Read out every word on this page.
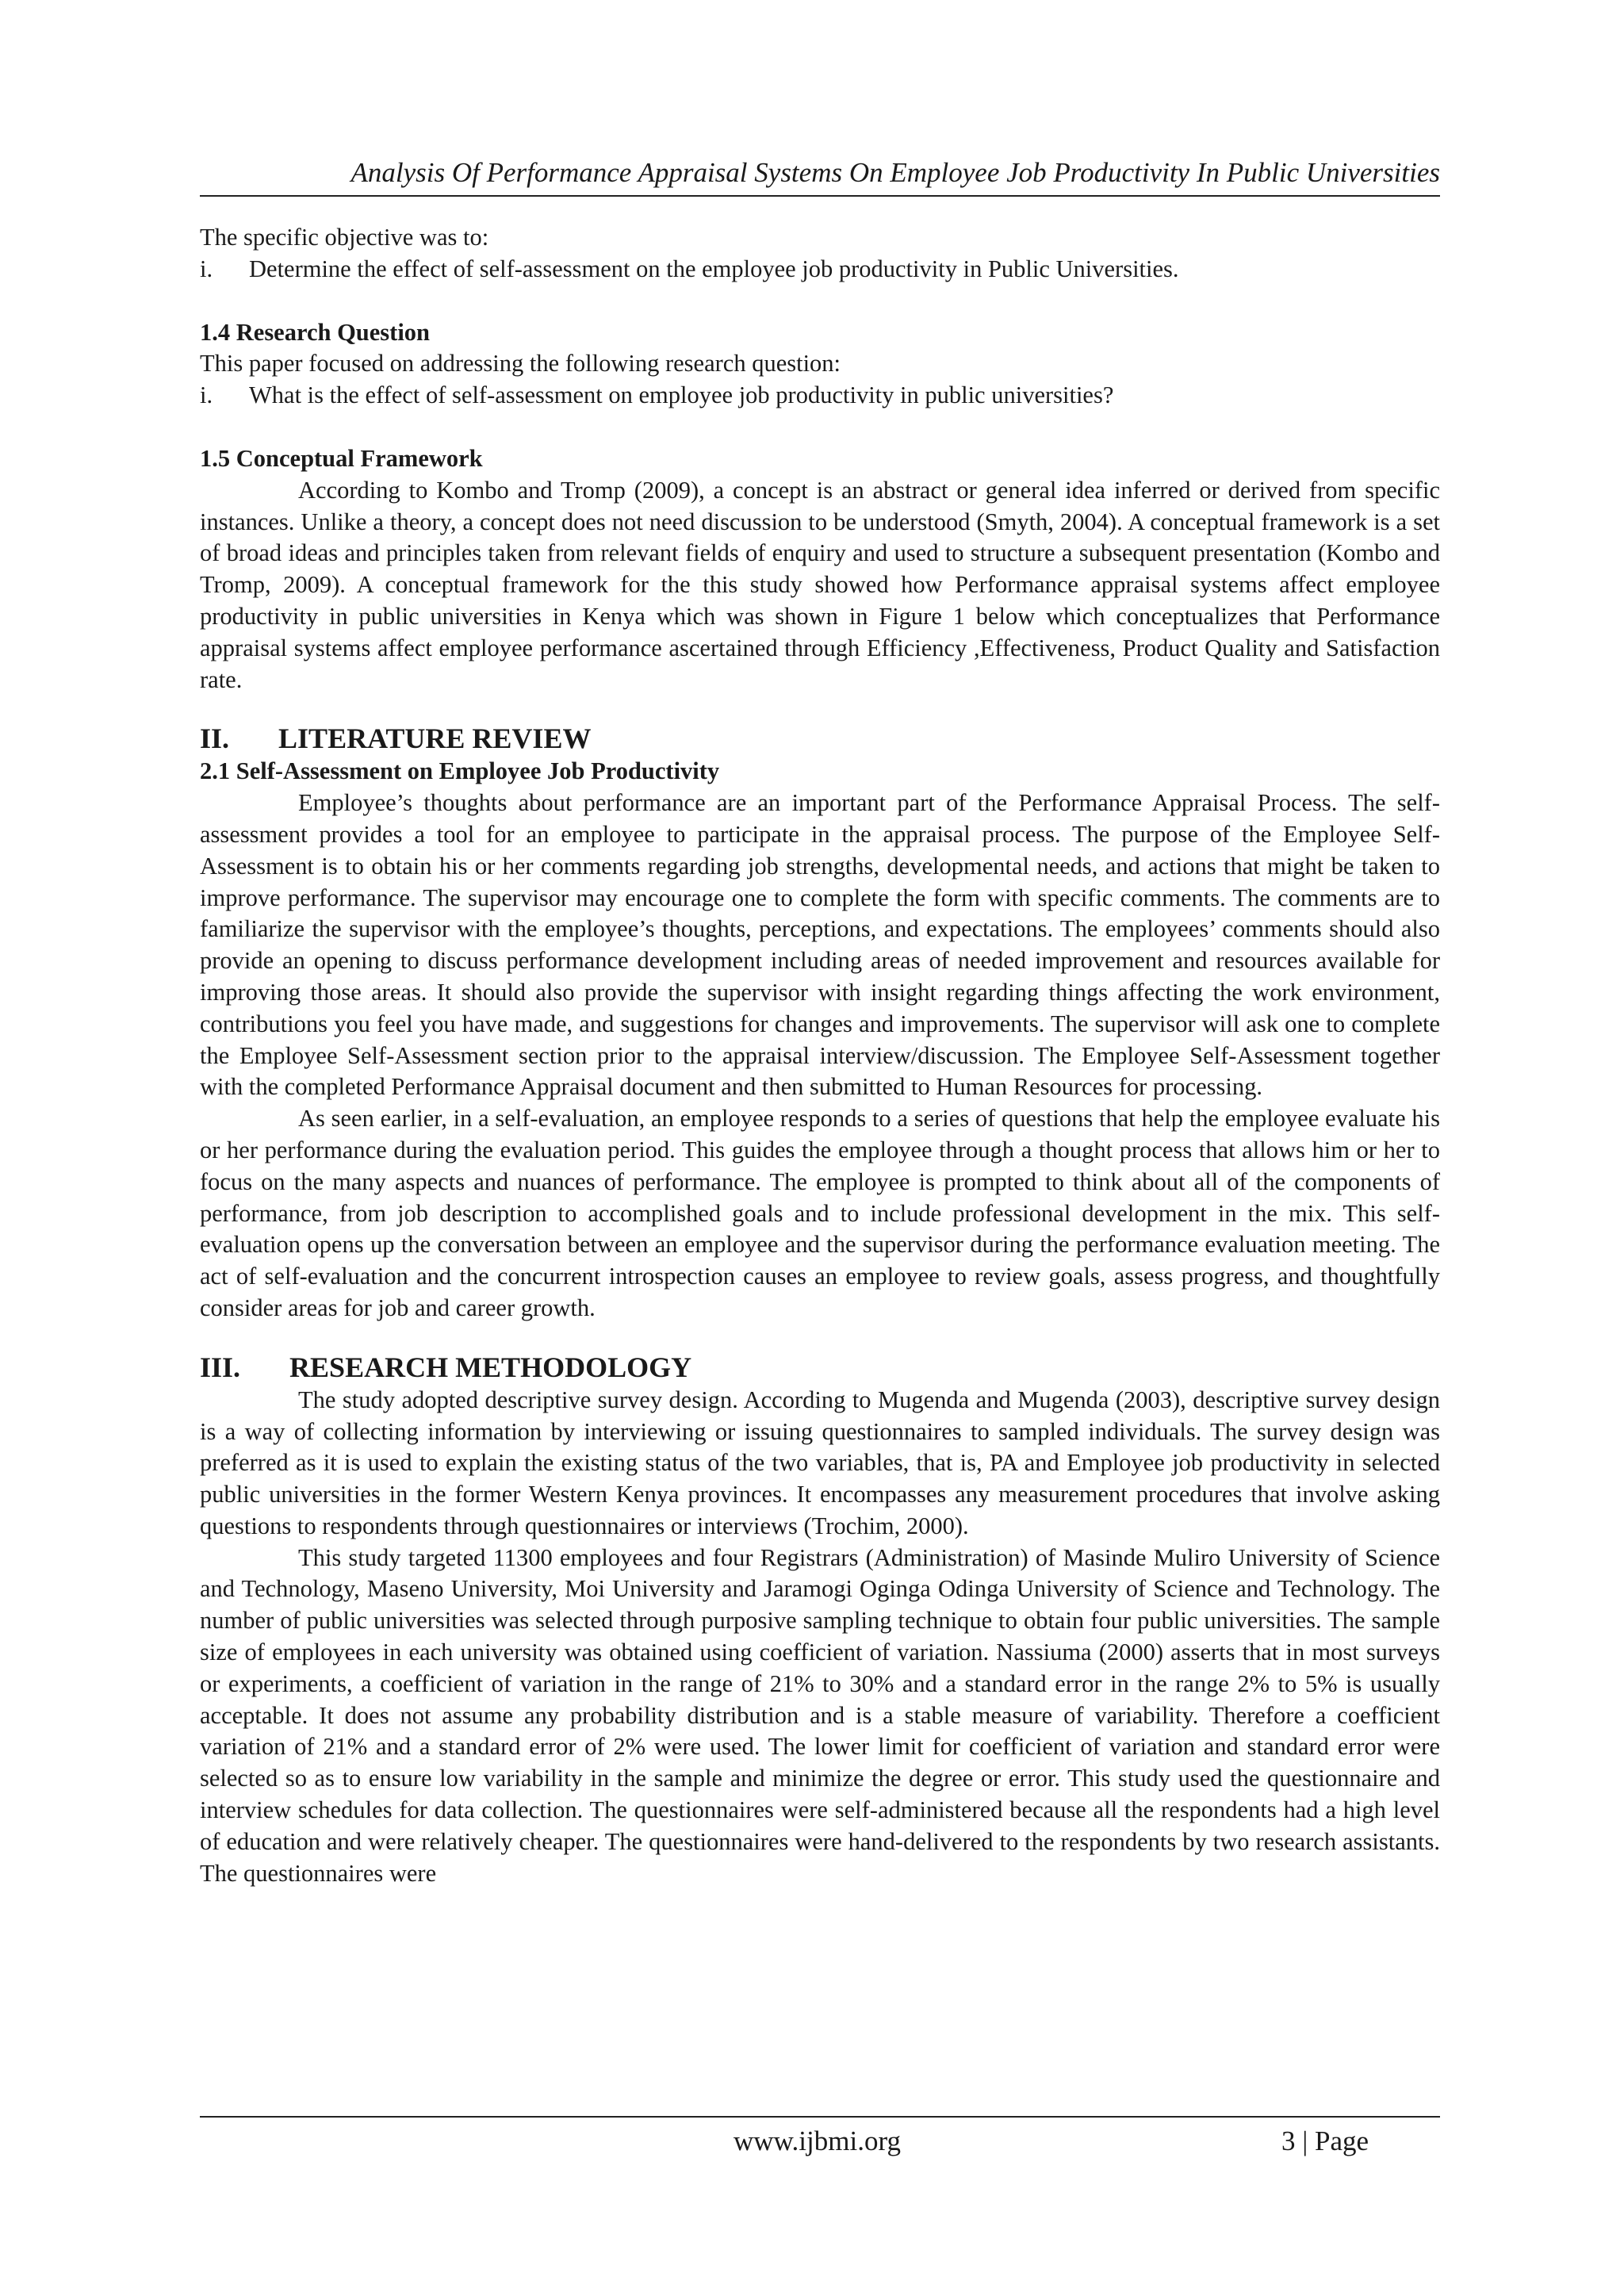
Analysis Of Performance Appraisal Systems On Employee Job Productivity In Public Universities

The specific objective was to:

i. Determine the effect of self-assessment on the employee job productivity in Public Universities.

1.4 Research Question

This paper focused on addressing the following research question:

i. What is the effect of self-assessment on employee job productivity in public universities?

1.5 Conceptual Framework

According to Kombo and Tromp (2009), a concept is an abstract or general idea inferred or derived from specific instances. Unlike a theory, a concept does not need discussion to be understood (Smyth, 2004). A conceptual framework is a set of broad ideas and principles taken from relevant fields of enquiry and used to structure a subsequent presentation (Kombo and Tromp, 2009). A conceptual framework for the this study showed how Performance appraisal systems affect employee productivity in public universities in Kenya which was shown in Figure 1 below which conceptualizes that Performance appraisal systems affect employee performance ascertained through Efficiency ,Effectiveness, Product Quality and Satisfaction rate.

II. LITERATURE REVIEW

2.1 Self-Assessment on Employee Job Productivity

Employee’s thoughts about performance are an important part of the Performance Appraisal Process. The self-assessment provides a tool for an employee to participate in the appraisal process. The purpose of the Employee Self-Assessment is to obtain his or her comments regarding job strengths, developmental needs, and actions that might be taken to improve performance. The supervisor may encourage one to complete the form with specific comments. The comments are to familiarize the supervisor with the employee’s thoughts, perceptions, and expectations. The employees’ comments should also provide an opening to discuss performance development including areas of needed improvement and resources available for improving those areas. It should also provide the supervisor with insight regarding things affecting the work environment, contributions you feel you have made, and suggestions for changes and improvements. The supervisor will ask one to complete the Employee Self-Assessment section prior to the appraisal interview/discussion. The Employee Self-Assessment together with the completed Performance Appraisal document and then submitted to Human Resources for processing.

As seen earlier, in a self-evaluation, an employee responds to a series of questions that help the employee evaluate his or her performance during the evaluation period. This guides the employee through a thought process that allows him or her to focus on the many aspects and nuances of performance. The employee is prompted to think about all of the components of performance, from job description to accomplished goals and to include professional development in the mix. This self-evaluation opens up the conversation between an employee and the supervisor during the performance evaluation meeting. The act of self-evaluation and the concurrent introspection causes an employee to review goals, assess progress, and thoughtfully consider areas for job and career growth.

III. RESEARCH METHODOLOGY

The study adopted descriptive survey design. According to Mugenda and Mugenda (2003), descriptive survey design is a way of collecting information by interviewing or issuing questionnaires to sampled individuals. The survey design was preferred as it is used to explain the existing status of the two variables, that is, PA and Employee job productivity in selected public universities in the former Western Kenya provinces. It encompasses any measurement procedures that involve asking questions to respondents through questionnaires or interviews (Trochim, 2000).

This study targeted 11300 employees and four Registrars (Administration) of Masinde Muliro University of Science and Technology, Maseno University, Moi University and Jaramogi Oginga Odinga University of Science and Technology. The number of public universities was selected through purposive sampling technique to obtain four public universities. The sample size of employees in each university was obtained using coefficient of variation. Nassiuma (2000) asserts that in most surveys or experiments, a coefficient of variation in the range of 21% to 30% and a standard error in the range 2% to 5% is usually acceptable. It does not assume any probability distribution and is a stable measure of variability. Therefore a coefficient variation of 21% and a standard error of 2% were used. The lower limit for coefficient of variation and standard error were selected so as to ensure low variability in the sample and minimize the degree or error. This study used the questionnaire and interview schedules for data collection. The questionnaires were self-administered because all the respondents had a high level of education and were relatively cheaper. The questionnaires were hand-delivered to the respondents by two research assistants. The questionnaires were

www.ijbmi.org	3 | Page
